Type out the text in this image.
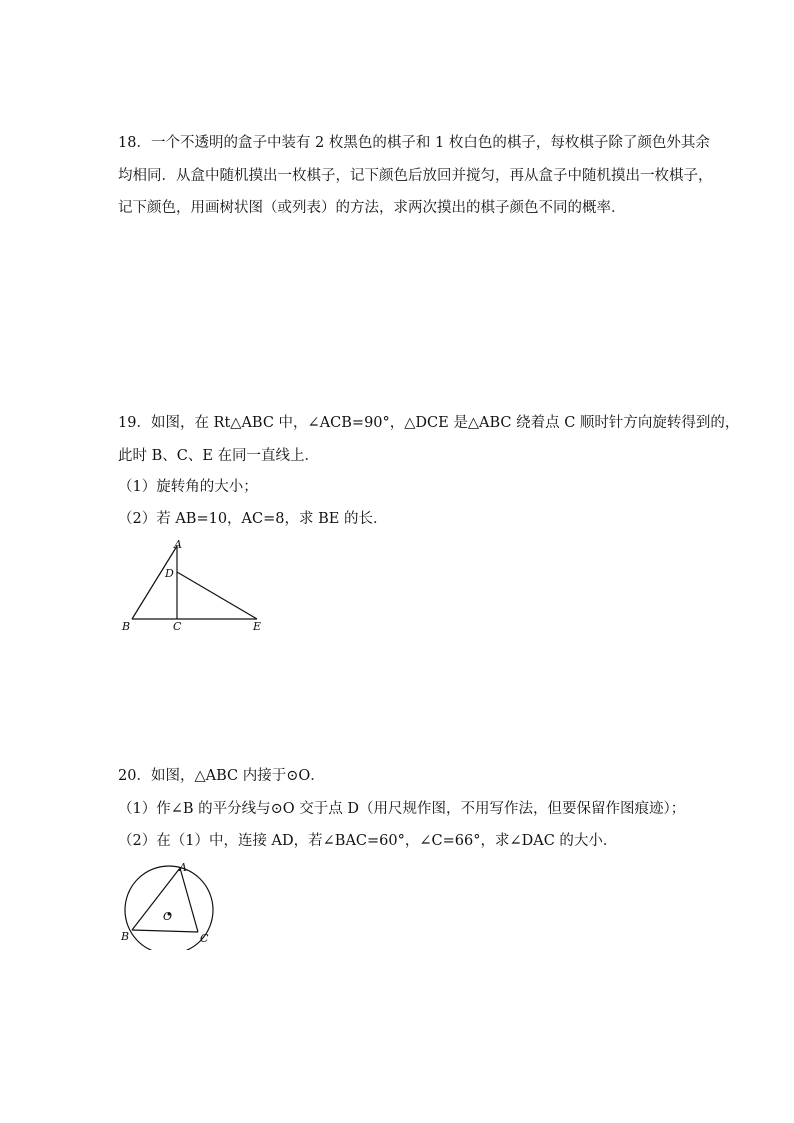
18．一个不透明的盒子中装有 2 枚黑色的棋子和 1 枚白色的棋子，每枚棋子除了颜色外其余
均相同．从盒中随机摸出一枚棋子，记下颜色后放回并搅匀，再从盒子中随机摸出一枚棋子，
记下颜色，用画树状图（或列表）的方法，求两次摸出的棋子颜色不同的概率．
19．如图，在 Rt△ABC 中，∠ACB=90°，△DCE 是△ABC 绕着点 C 顺时针方向旋转得到的，
此时 B、C、E 在同一直线上．
（1）旋转角的大小；
（2）若 AB=10，AC=8，求 BE 的长．
A
D
B	C	E
20．如图，△ABC 内接于⊙O．
（1）作∠B 的平分线与⊙O 交于点 D（用尺规作图，不用写作法，但要保留作图痕迹）；
（2）在（1）中，连接 AD，若∠BAC=60°，∠C=66°，求∠DAC 的大小．
A
O
B	C
